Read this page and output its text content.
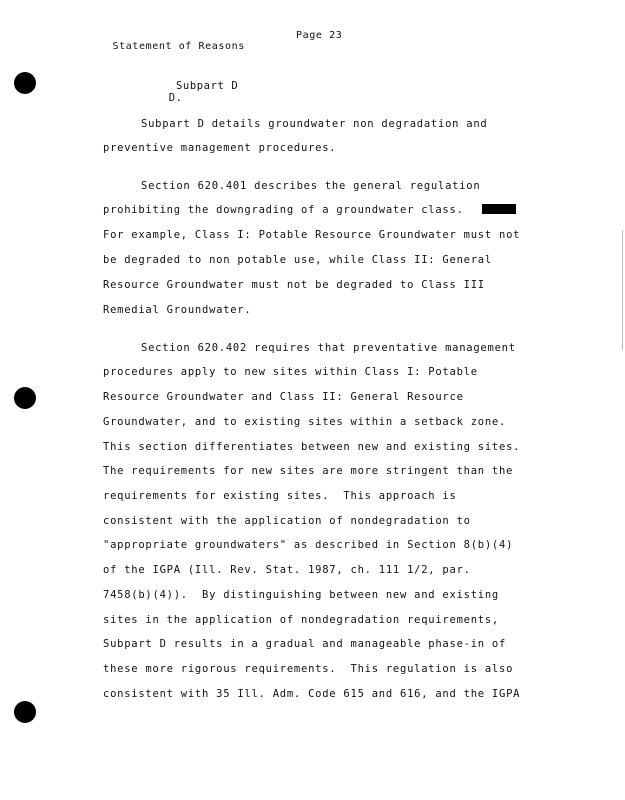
Statement of Reasons

Page 23

D.

Subpart D

Subpart D details groundwater non degradation and
preventive management procedures.
Section 620.401 describes the general regulation
prohibiting the downgrading of a groundwater class.
For example, Class I: Potable Resource Groundwater must not
be degraded to non potable use, while Class II: General
Resource Groundwater must not be degraded to Class III
Remedial Groundwater.
Section 620.402 requires that preventative management
procedures apply to new sites within Class I: Potable
Resource Groundwater and Class II: General Resource
Groundwater, and to existing sites within a setback zone.
This section differentiates between new and existing sites.
The requirements for new sites are more stringent than the
requirements for existing sites.  This approach is
consistent with the application of nondegradation to
"appropriate groundwaters" as described in Section 8(b)(4)
of the IGPA (Ill. Rev. Stat. 1987, ch. 111 1/2, par.
7458(b)(4)).  By distinguishing between new and existing
sites in the application of nondegradation requirements,
Subpart D results in a gradual and manageable phase-in of
these more rigorous requirements.  This regulation is also
consistent with 35 Ill. Adm. Code 615 and 616, and the IGPA
